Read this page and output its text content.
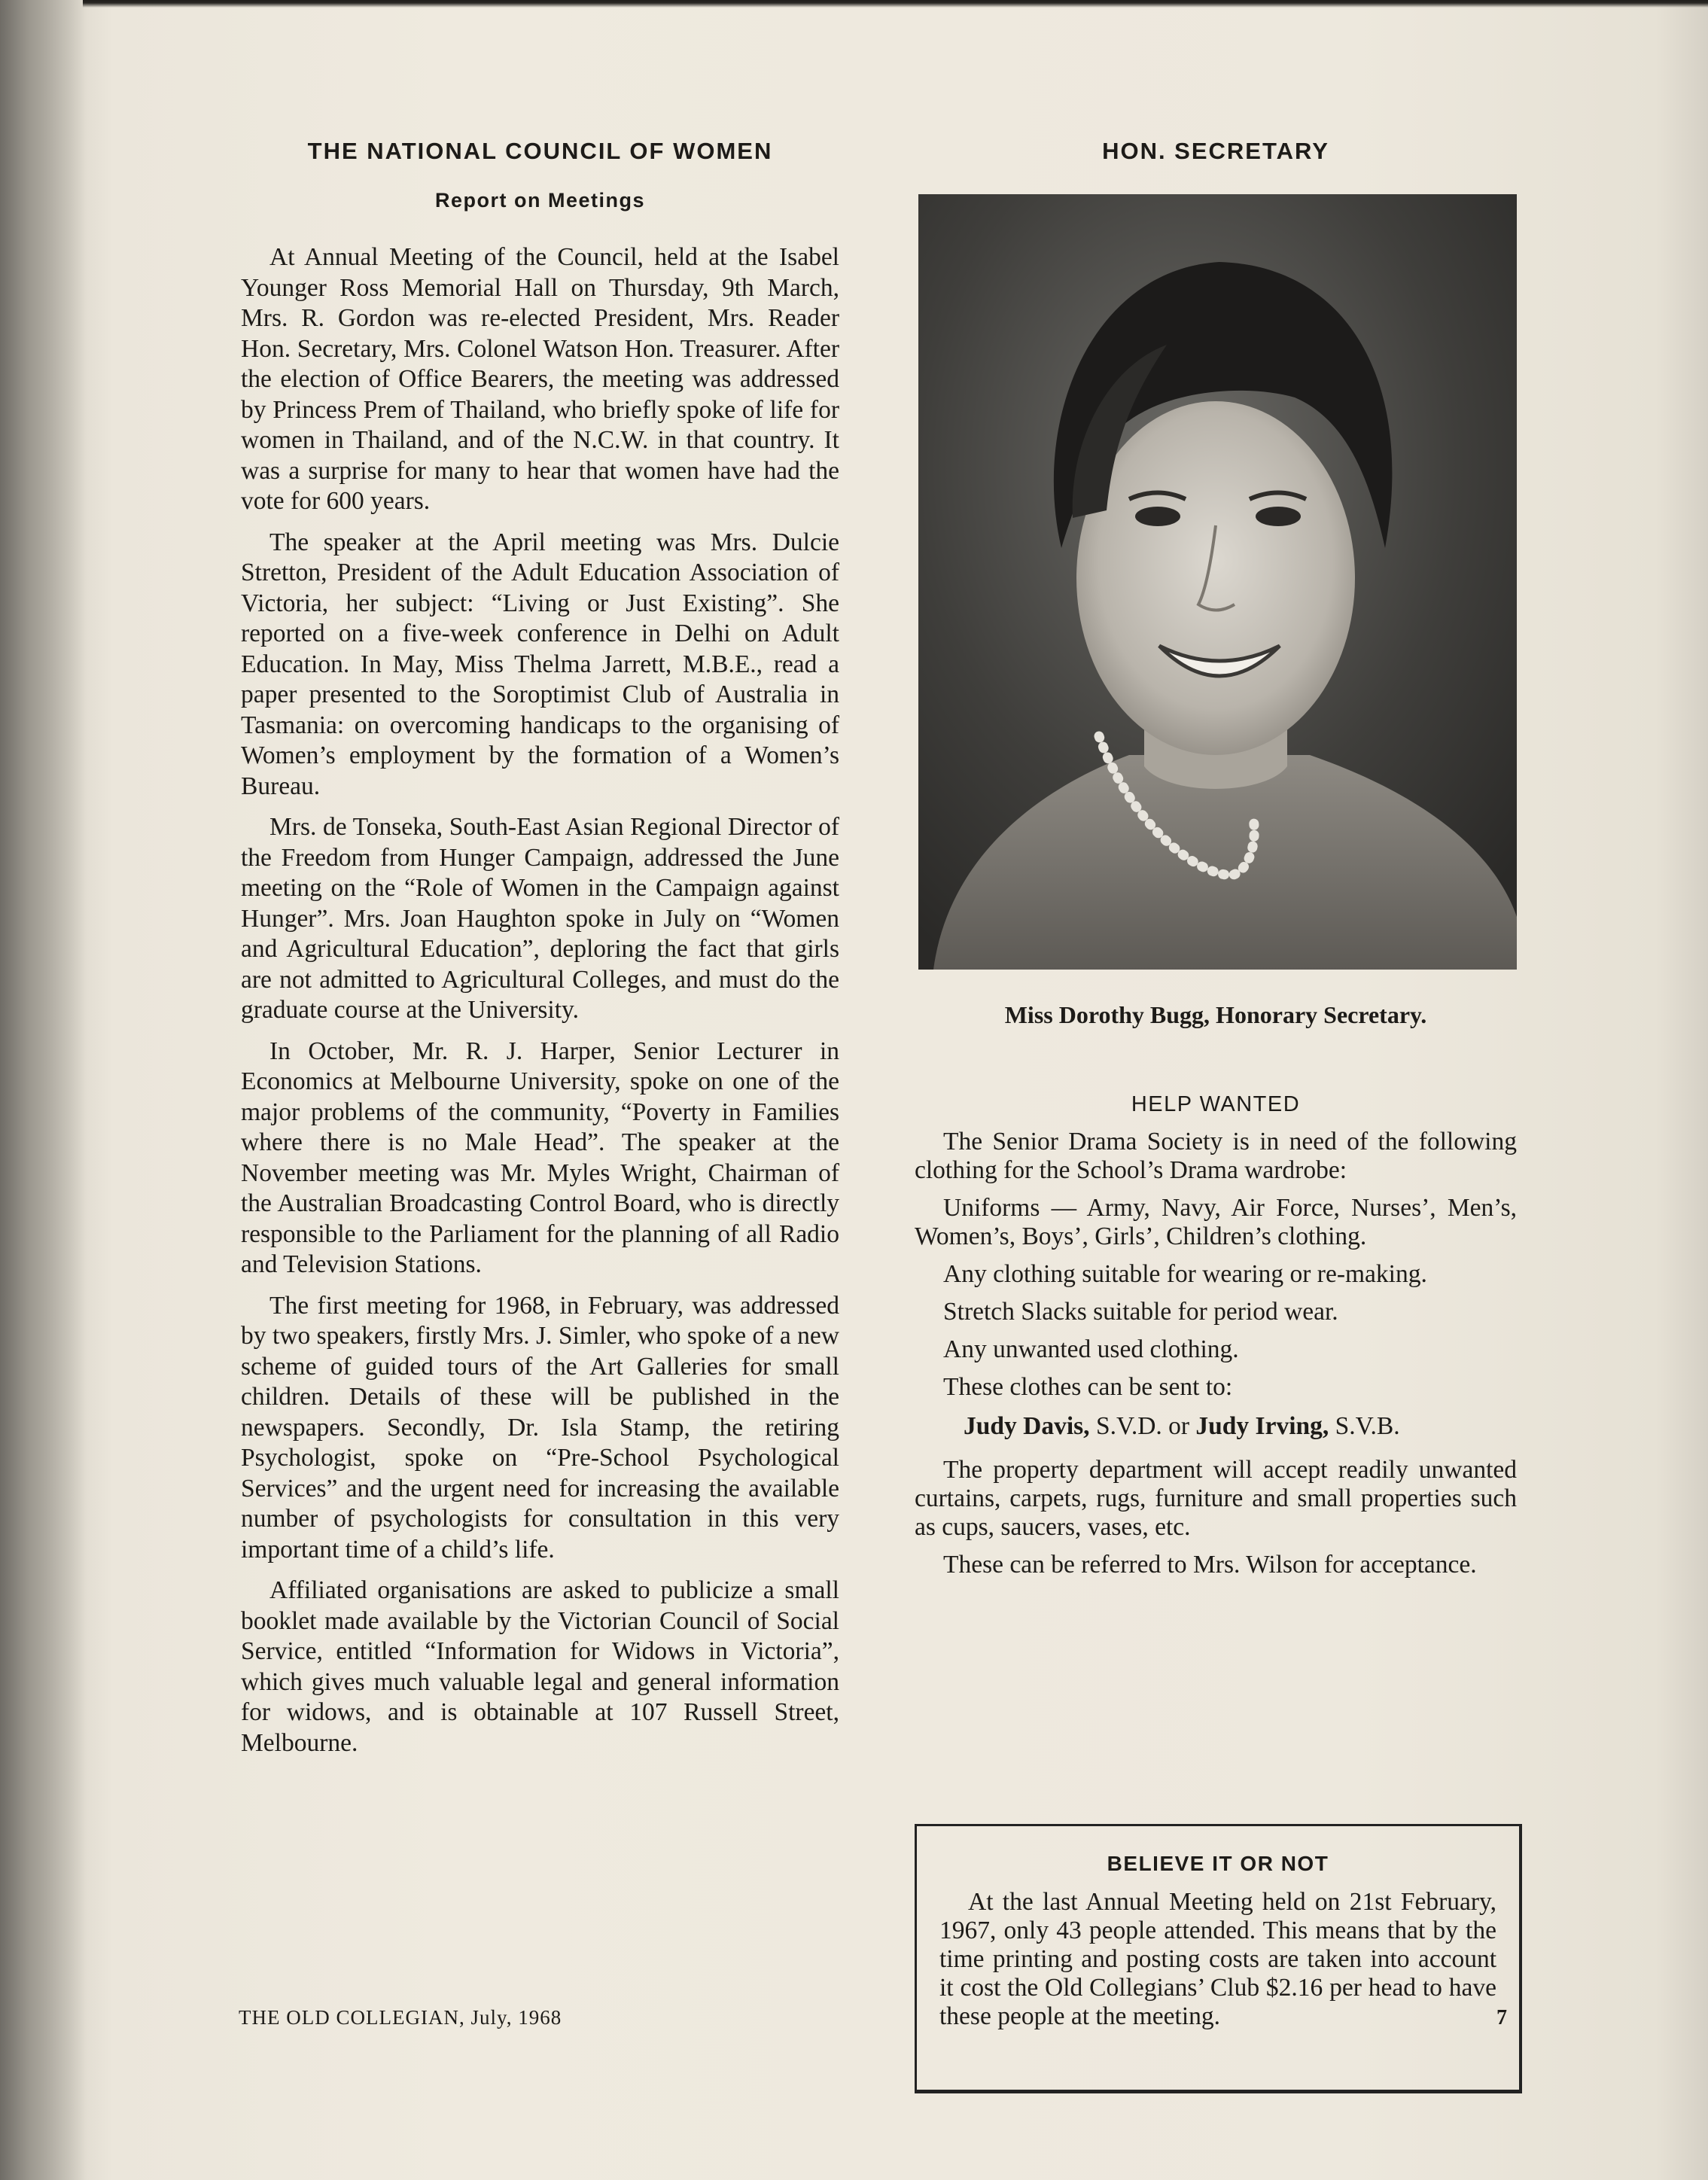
THE NATIONAL COUNCIL OF WOMEN
Report on Meetings

At Annual Meeting of the Council, held at the Isabel Younger Ross Memorial Hall on Thursday, 9th March, Mrs. R. Gordon was re-elected President, Mrs. Reader Hon. Secretary, Mrs. Colonel Watson Hon. Treasurer. After the election of Office Bearers, the meeting was addressed by Princess Prem of Thailand, who briefly spoke of life for women in Thailand, and of the N.C.W. in that country. It was a surprise for many to hear that women have had the vote for 600 years.

The speaker at the April meeting was Mrs. Dulcie Stretton, President of the Adult Education Association of Victoria, her subject: “Living or Just Existing”. She reported on a five-week conference in Delhi on Adult Education. In May, Miss Thelma Jarrett, M.B.E., read a paper presented to the Soroptimist Club of Australia in Tasmania: on overcoming handicaps to the organising of Women’s employment by the formation of a Women’s Bureau.

Mrs. de Tonseka, South-East Asian Regional Director of the Freedom from Hunger Campaign, addressed the June meeting on the “Role of Women in the Campaign against Hunger”. Mrs. Joan Haughton spoke in July on “Women and Agricultural Education”, deploring the fact that girls are not admitted to Agricultural Colleges, and must do the graduate course at the University.

In October, Mr. R. J. Harper, Senior Lecturer in Economics at Melbourne University, spoke on one of the major problems of the community, “Poverty in Families where there is no Male Head”. The speaker at the November meeting was Mr. Myles Wright, Chairman of the Australian Broadcasting Control Board, who is directly responsible to the Parliament for the planning of all Radio and Television Stations.

The first meeting for 1968, in February, was addressed by two speakers, firstly Mrs. J. Simler, who spoke of a new scheme of guided tours of the Art Galleries for small children. Details of these will be published in the newspapers. Secondly, Dr. Isla Stamp, the retiring Psychologist, spoke on “Pre-School Psychological Services” and the urgent need for increasing the available number of psychologists for consultation in this very important time of a child’s life.

Affiliated organisations are asked to publicize a small booklet made available by the Victorian Council of Social Service, entitled “Information for Widows in Victoria”, which gives much valuable legal and general information for widows, and is obtainable at 107 Russell Street, Melbourne.

HON. SECRETARY
Miss Dorothy Bugg, Honorary Secretary.
HELP WANTED

The Senior Drama Society is in need of the following clothing for the School’s Drama wardrobe:

Uniforms — Army, Navy, Air Force, Nurses’, Men’s, Women’s, Boys’, Girls’, Children’s clothing.

Any clothing suitable for wearing or re-making.

Stretch Slacks suitable for period wear.

Any unwanted used clothing.

These clothes can be sent to:

Judy Davis, S.V.D. or Judy Irving, S.V.B.

The property department will accept readily unwanted curtains, carpets, rugs, furniture and small properties such as cups, saucers, vases, etc.

These can be referred to Mrs. Wilson for acceptance.

BELIEVE IT OR NOT

At the last Annual Meeting held on 21st February, 1967, only 43 people attended. This means that by the time printing and posting costs are taken into account it cost the Old Collegians’ Club $2.16 per head to have these people at the meeting.

THE OLD COLLEGIAN, July, 1968	7
